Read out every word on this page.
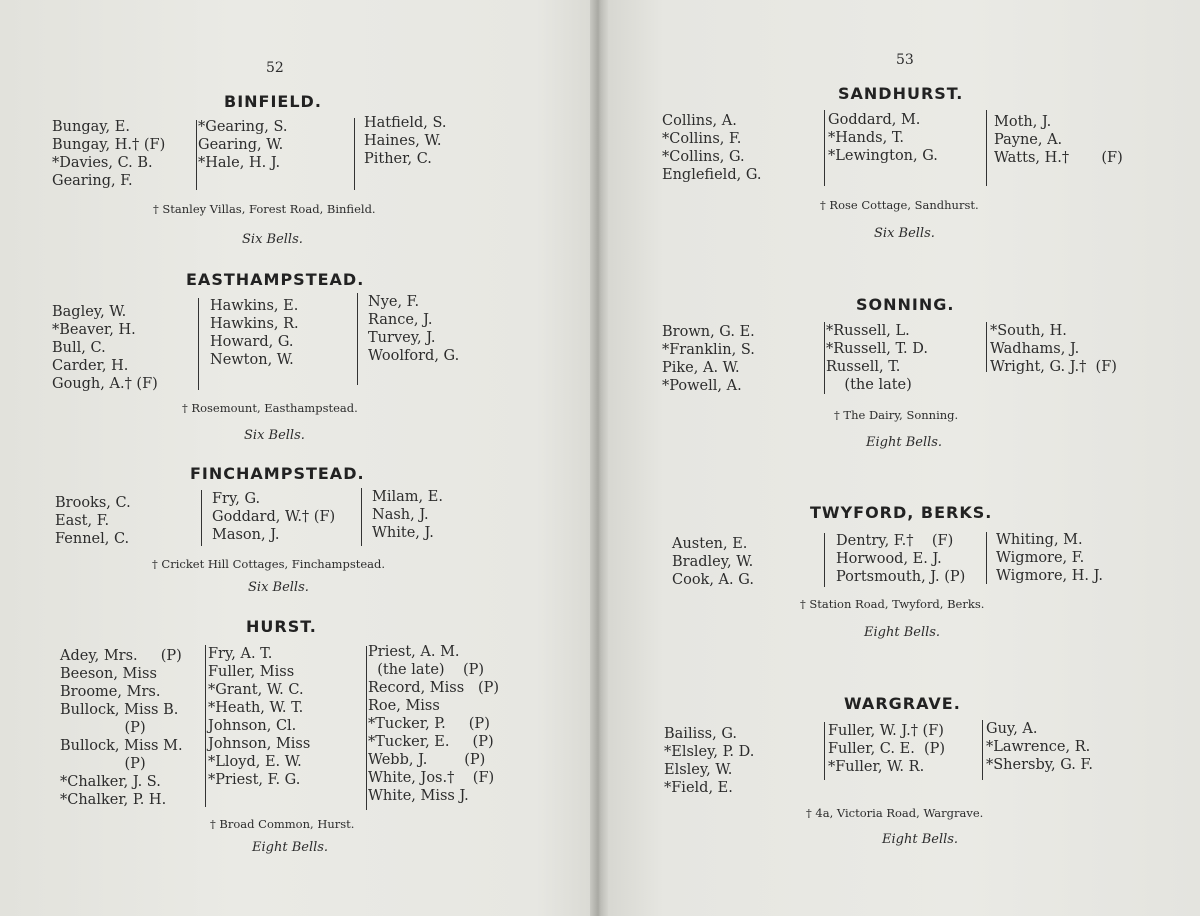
52
BINFIELD.
Bungay, E.
Bungay, H.† (F)
*Davies, C. B.
Gearing, F.
*Gearing, S.
Gearing, W.
*Hale, H. J.
Hatfield, S.
Haines, W.
Pither, C.
† Stanley Villas, Forest Road, Binfield.
Six Bells.
EASTHAMPSTEAD.
Bagley, W.
*Beaver, H.
Bull, C.
Carder, H.
Gough, A.† (F)
Hawkins, E.
Hawkins, R.
Howard, G.
Newton, W.
Nye, F.
Rance, J.
Turvey, J.
Woolford, G.
† Rosemount, Easthampstead.
Six Bells.
FINCHAMPSTEAD.
Brooks, C.
East, F.
Fennel, C.
Fry, G.
Goddard, W.† (F)
Mason, J.
Milam, E.
Nash, J.
White, J.
† Cricket Hill Cottages, Finchampstead.
Six Bells.
HURST.
Adey, Mrs.     (P)
Beeson, Miss
Broome, Mrs.
Bullock, Miss B.
(P)
Bullock, Miss M.
(P)
*Chalker, J. S.
*Chalker, P. H.
Fry, A. T.
Fuller, Miss
*Grant, W. C.
*Heath, W. T.
Johnson, Cl.
Johnson, Miss
*Lloyd, E. W.
*Priest, F. G.
Priest, A. M.
(the late)    (P)
Record, Miss   (P)
Roe, Miss
*Tucker, P.     (P)
*Tucker, E.     (P)
Webb, J.        (P)
White, Jos.†    (F)
White, Miss J.
† Broad Common, Hurst.
Eight Bells.
53
SANDHURST.
Collins, A.
*Collins, F.
*Collins, G.
Englefield, G.
Goddard, M.
*Hands, T.
*Lewington, G.
Moth, J.
Payne, A.
Watts, H.†       (F)
† Rose Cottage, Sandhurst.
Six Bells.
SONNING.
Brown, G. E.
*Franklin, S.
Pike, A. W.
*Powell, A.
*Russell, L.
*Russell, T. D.
Russell, T.
(the late)
*South, H.
Wadhams, J.
Wright, G. J.†  (F)
† The Dairy, Sonning.
Eight Bells.
TWYFORD, BERKS.
Austen, E.
Bradley, W.
Cook, A. G.
Dentry, F.†    (F)
Horwood, E. J.
Portsmouth, J. (P)
Whiting, M.
Wigmore, F.
Wigmore, H. J.
† Station Road, Twyford, Berks.
Eight Bells.
WARGRAVE.
Bailiss, G.
*Elsley, P. D.
Elsley, W.
*Field, E.
Fuller, W. J.† (F)
Fuller, C. E.  (P)
*Fuller, W. R.
Guy, A.
*Lawrence, R.
*Shersby, G. F.
† 4a, Victoria Road, Wargrave.
Eight Bells.
